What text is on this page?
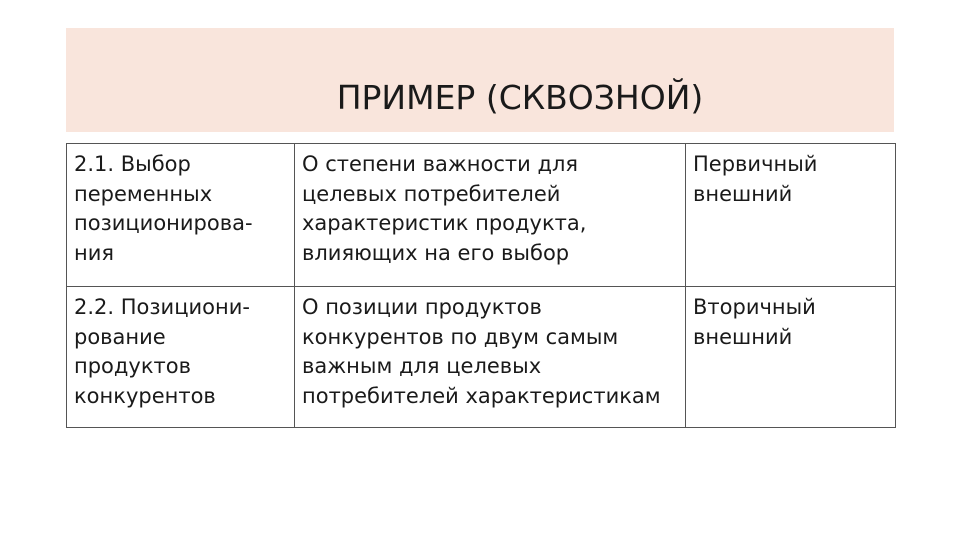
ПРИМЕР (СКВОЗНОЙ)
2.1. Выбор
переменных
позиционирова-
ния	О степени важности для
целевых потребителей
характеристик продукта,
влияющих на его выбор	Первичный
внешний
2.2. Позициони-
рование
продуктов
конкурентов	О позиции продуктов
конкурентов по двум самым
важным для целевых
потребителей характеристикам	Вторичный
внешний
